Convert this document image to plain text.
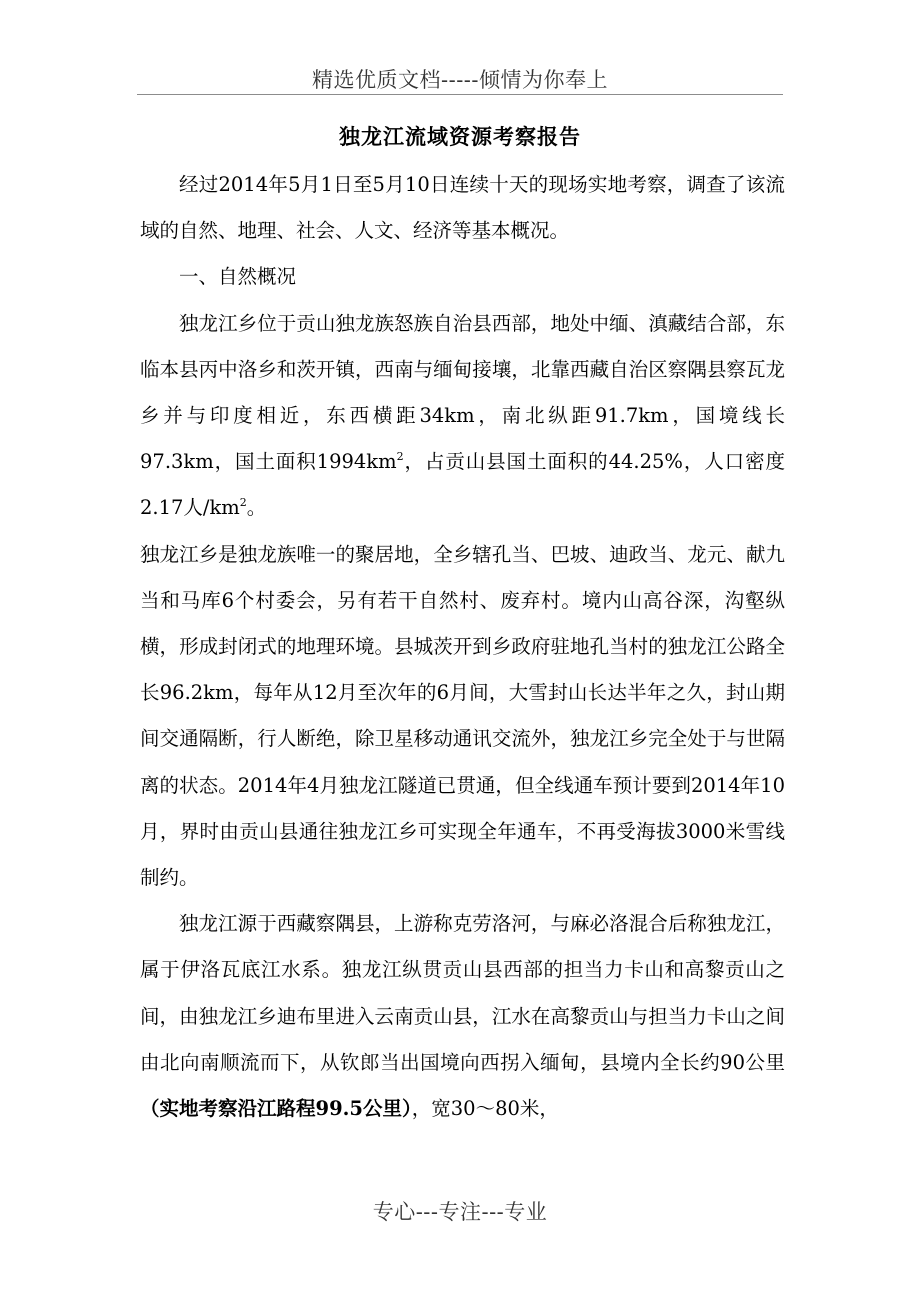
精选优质文档-----倾情为你奉上
独龙江流域资源考察报告

经过2014年5月1日至5月10日连续十天的现场实地考察，调查了该流域的自然、地理、社会、人文、经济等基本概况。

一、自然概况

独龙江乡位于贡山独龙族怒族自治县西部，地处中缅、滇藏结合部，东临本县丙中洛乡和茨开镇，西南与缅甸接壤，北靠西藏自治区察隅县察瓦龙乡并与印度相近，东西横距34km，南北纵距91.7km，国境线长97.3km，国土面积$1994km^2$，占贡山县国土面积的44.25%，人口密度2.17人$/km^2$。

独龙江乡是独龙族唯一的聚居地，全乡辖孔当、巴坡、迪政当、龙元、献九当和马库6个村委会，另有若干自然村、废弃村。境内山高谷深，沟壑纵横，形成封闭式的地理环境。县城茨开到乡政府驻地孔当村的独龙江公路全长96.2km，每年从12月至次年的6月间，大雪封山长达半年之久，封山期间交通隔断，行人断绝，除卫星移动通讯交流外，独龙江乡完全处于与世隔离的状态。2014年4月独龙江隧道已贯通，但全线通车预计要到2014年10月，界时由贡山县通往独龙江乡可实现全年通车，不再受海拔3000米雪线制约。

独龙江源于西藏察隅县，上游称克劳洛河，与麻必洛混合后称独龙江，属于伊洛瓦底江水系。独龙江纵贯贡山县西部的担当力卡山和高黎贡山之间，由独龙江乡迪布里进入云南贡山县，江水在高黎贡山与担当力卡山之间由北向南顺流而下，从钦郎当出国境向西拐入缅甸，县境内全长约90公里（实地考察沿江路程99.5公里），宽30～80米，

专心---专注---专业
